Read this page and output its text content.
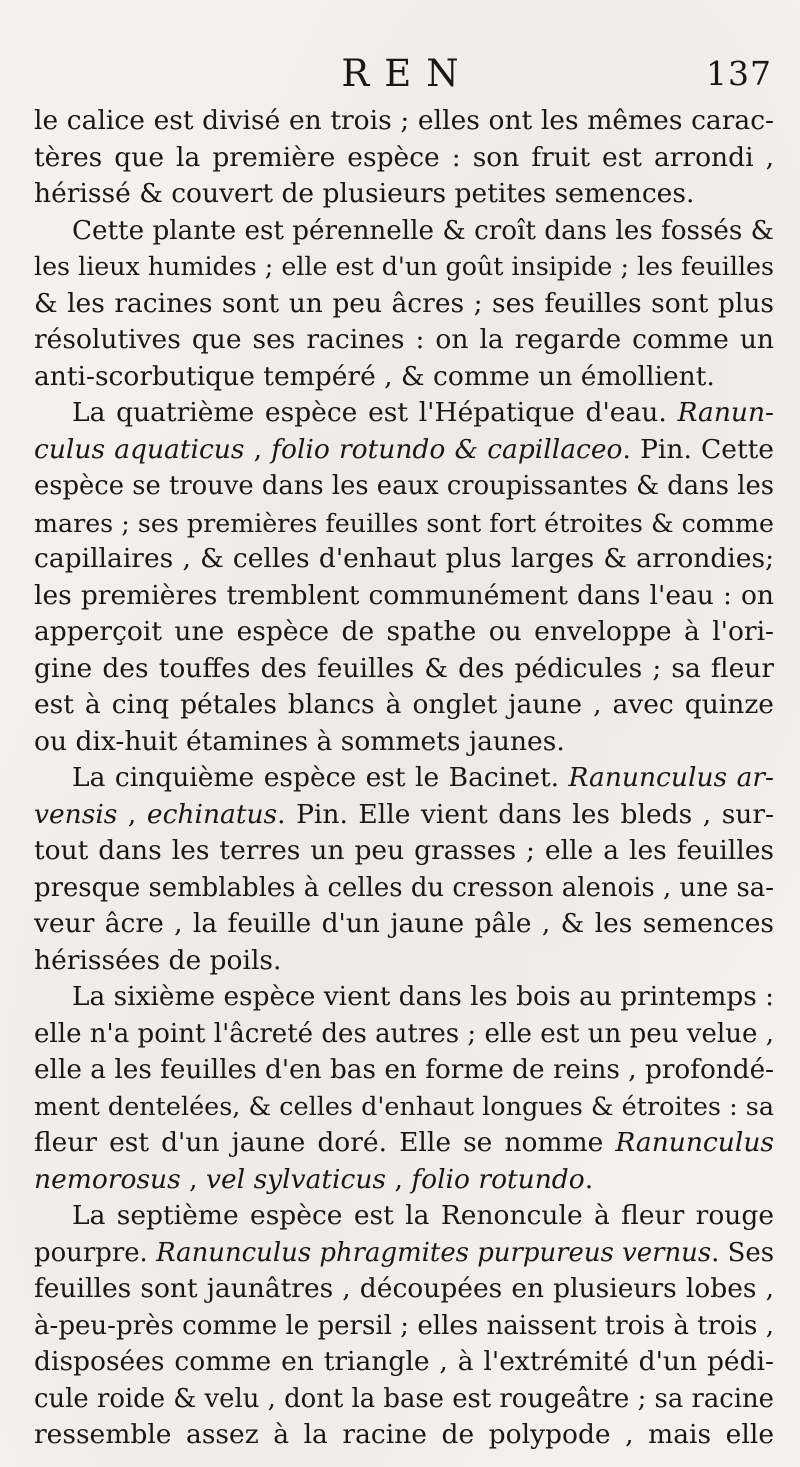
REN	137
le calice est divisé en trois ; elles ont les mêmes carac-
tères que la première espèce : son fruit est arrondi ,
hérissé & couvert de plusieurs petites semences.
Cette plante est pérennelle & croît dans les fossés &
les lieux humides ; elle est d'un goût insipide ; les feuilles
& les racines sont un peu âcres ; ses feuilles sont plus
résolutives que ses racines : on la regarde comme un
anti-scorbutique tempéré , & comme un émollient.
La quatrième espèce est l'Hépatique d'eau. Ranun-
culus aquaticus , folio rotundo & capillaceo. Pin. Cette
espèce se trouve dans les eaux croupissantes & dans les
mares ; ses premières feuilles sont fort étroites & comme
capillaires , & celles d'enhaut plus larges & arrondies;
les premières tremblent communément dans l'eau : on
apperçoit une espèce de spathe ou enveloppe à l'ori-
gine des touffes des feuilles & des pédicules ; sa fleur
est à cinq pétales blancs à onglet jaune , avec quinze
ou dix-huit étamines à sommets jaunes.
La cinquième espèce est le Bacinet. Ranunculus ar-
vensis , echinatus. Pin. Elle vient dans les bleds , sur-
tout dans les terres un peu grasses ; elle a les feuilles
presque semblables à celles du cresson alenois , une sa-
veur âcre , la feuille d'un jaune pâle , & les semences
hérissées de poils.
La sixième espèce vient dans les bois au printemps :
elle n'a point l'âcreté des autres ; elle est un peu velue ,
elle a les feuilles d'en bas en forme de reins , profondé-
ment dentelées, & celles d'enhaut longues & étroites : sa
fleur est d'un jaune doré. Elle se nomme Ranunculus
nemorosus , vel sylvaticus , folio rotundo.
La septième espèce est la Renoncule à fleur rouge
pourpre. Ranunculus phragmites purpureus vernus. Ses
feuilles sont jaunâtres , découpées en plusieurs lobes ,
à-peu-près comme le persil ; elles naissent trois à trois ,
disposées comme en triangle , à l'extrémité d'un pédi-
cule roide & velu , dont la base est rougeâtre ; sa racine
ressemble assez à la racine de polypode , mais elle
